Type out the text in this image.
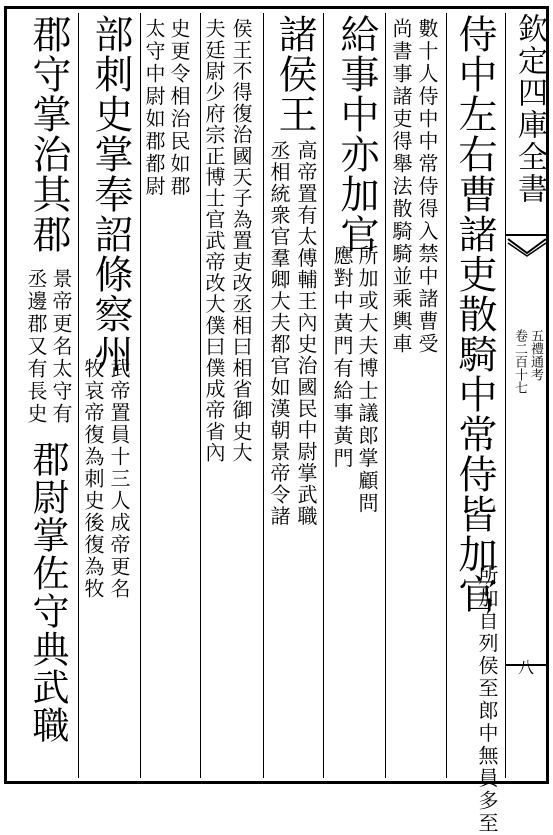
欽定四庫全書
五禮通考
卷二百十七
八
侍中左右曹諸吏散騎中常侍皆加官
所加自列侯至郎中無員多至
數十人侍中中常侍得入禁中諸曹受
尚書事諸吏得舉法散騎騎並乘輿車
給事中亦加官
所加或大夫博士議郎掌顧問
應對中黃門有給事黃門
諸侯王
高帝置有太傅輔王內史治國民中尉掌武職
丞相統衆官羣卿大夫都官如漢朝景帝令諸
侯王不得復治國天子為置吏改丞相曰相省御史大
夫廷尉少府宗正博士官武帝改大僕曰僕成帝省內
史更令相治民如郡
太守中尉如郡都尉
部刺史掌奉詔條察州
武帝置員十三人成帝更名
牧哀帝復為刺史後復為牧
郡守掌治其郡
景帝更名太守有
丞邊郡又有長史
郡尉掌佐守典武職
